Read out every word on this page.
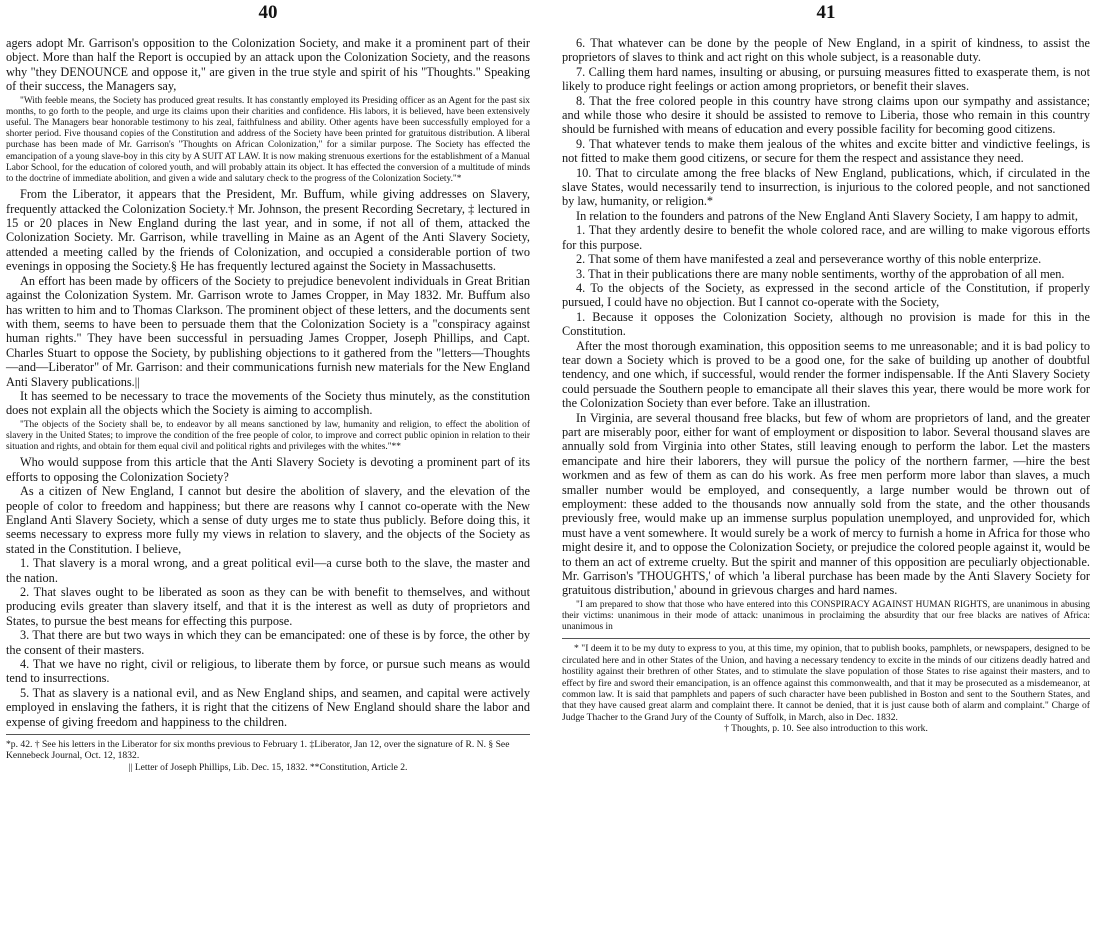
40

agers adopt Mr. Garrison's opposition to the Colonization Society, and make it a prominent part of their object. More than half the Report is occupied by an attack upon the Colonization Society, and the reasons why "they DENOUNCE and oppose it," are given in the true style and spirit of his "Thoughts." Speaking of their success, the Managers say,

"With feeble means, the Society has produced great results. It has constantly employed its Presiding officer as an Agent for the past six months, to go forth to the people, and urge its claims upon their charities and confidence. His labors, it is believed, have been extensively useful. The Managers bear honorable testimony to his zeal, faithfulness and ability. Other agents have been successfully employed for a shorter period. Five thousand copies of the Constitution and address of the Society have been printed for gratuitous distribution. A liberal purchase has been made of Mr. Garrison's "Thoughts on African Colonization," for a similar purpose. The Society has effected the emancipation of a young slave-boy in this city by A SUIT AT LAW. It is now making strenuous exertions for the establishment of a Manual Labor School, for the education of colored youth, and will probably attain its object. It has effected the conversion of a multitude of minds to the doctrine of immediate abolition, and given a wide and salutary check to the progress of the Colonization Society."*

From the Liberator, it appears that the President, Mr. Buffum, while giving addresses on Slavery, frequently attacked the Colonization Society.† Mr. Johnson, the present Recording Secretary, ‡ lectured in 15 or 20 places in New England during the last year, and in some, if not all of them, attacked the Colonization Society. Mr. Garrison, while travelling in Maine as an Agent of the Anti Slavery Society, attended a meeting called by the friends of Colonization, and occupied a considerable portion of two evenings in opposing the Society.§ He has frequently lectured against the Society in Massachusetts.

An effort has been made by officers of the Society to prejudice benevolent individuals in Great Britian against the Colonization System. Mr. Garrison wrote to James Cropper, in May 1832. Mr. Buffum also has written to him and to Thomas Clarkson. The prominent object of these letters, and the documents sent with them, seems to have been to persuade them that the Colonization Society is a "conspiracy against human rights." They have been successful in persuading James Cropper, Joseph Phillips, and Capt. Charles Stuart to oppose the Society, by publishing objections to it gathered from the "letters—Thoughts—and—Liberator" of Mr. Garrison: and their communications furnish new materials for the New England Anti Slavery publications.||

It has seemed to be necessary to trace the movements of the Society thus minutely, as the constitution does not explain all the objects which the Society is aiming to accomplish.

"The objects of the Society shall be, to endeavor by all means sanctioned by law, humanity and religion, to effect the abolition of slavery in the United States; to improve the condition of the free people of color, to improve and correct public opinion in relation to their situation and rights, and obtain for them equal civil and political rights and privileges with the whites."**

Who would suppose from this article that the Anti Slavery Society is devoting a prominent part of its efforts to opposing the Colonization Society?

As a citizen of New England, I cannot but desire the abolition of slavery, and the elevation of the people of color to freedom and happiness; but there are reasons why I cannot co-operate with the New England Anti Slavery Society, which a sense of duty urges me to state thus publicly. Before doing this, it seems necessary to express more fully my views in relation to slavery, and the objects of the Society as stated in the Constitution. I believe,

1. That slavery is a moral wrong, and a great political evil—a curse both to the slave, the master and the nation.

2. That slaves ought to be liberated as soon as they can be with benefit to themselves, and without producing evils greater than slavery itself, and that it is the interest as well as duty of proprietors and States, to pursue the best means for effecting this purpose.

3. That there are but two ways in which they can be emancipated: one of these is by force, the other by the consent of their masters.

4. That we have no right, civil or religious, to liberate them by force, or pursue such means as would tend to insurrections.

5. That as slavery is a national evil, and as New England ships, and seamen, and capital were actively employed in enslaving the fathers, it is right that the citizens of New England should share the labor and expense of giving freedom and happiness to the children.

*p. 42. † See his letters in the Liberator for six months previous to February 1. ‡Liberator, Jan 12, over the signature of R. N. § See Kennebeck Journal, Oct. 12, 1832.

|| Letter of Joseph Phillips, Lib. Dec. 15, 1832. **Constitution, Article 2.

41

6. That whatever can be done by the people of New England, in a spirit of kindness, to assist the proprietors of slaves to think and act right on this whole subject, is a reasonable duty.

7. Calling them hard names, insulting or abusing, or pursuing measures fitted to exasperate them, is not likely to produce right feelings or action among proprietors, or benefit their slaves.

8. That the free colored people in this country have strong claims upon our sympathy and assistance; and while those who desire it should be assisted to remove to Liberia, those who remain in this country should be furnished with means of education and every possible facility for becoming good citizens.

9. That whatever tends to make them jealous of the whites and excite bitter and vindictive feelings, is not fitted to make them good citizens, or secure for them the respect and assistance they need.

10. That to circulate among the free blacks of New England, publications, which, if circulated in the slave States, would necessarily tend to insurrection, is injurious to the colored people, and not sanctioned by law, humanity, or religion.*

In relation to the founders and patrons of the New England Anti Slavery Society, I am happy to admit,

1. That they ardently desire to benefit the whole colored race, and are willing to make vigorous efforts for this purpose.

2. That some of them have manifested a zeal and perseverance worthy of this noble enterprize.

3. That in their publications there are many noble sentiments, worthy of the approbation of all men.

4. To the objects of the Society, as expressed in the second article of the Constitution, if properly pursued, I could have no objection. But I cannot co-operate with the Society,

1. Because it opposes the Colonization Society, although no provision is made for this in the Constitution.

After the most thorough examination, this opposition seems to me unreasonable; and it is bad policy to tear down a Society which is proved to be a good one, for the sake of building up another of doubtful tendency, and one which, if successful, would render the former indispensable. If the Anti Slavery Society could persuade the Southern people to emancipate all their slaves this year, there would be more work for the Colonization Society than ever before. Take an illustration.

In Virginia, are several thousand free blacks, but few of whom are proprietors of land, and the greater part are miserably poor, either for want of employment or disposition to labor. Several thousand slaves are annually sold from Virginia into other States, still leaving enough to perform the labor. Let the masters emancipate and hire their laborers, they will pursue the policy of the northern farmer, —hire the best workmen and as few of them as can do his work. As free men perform more labor than slaves, a much smaller number would be employed, and consequently, a large number would be thrown out of employment: these added to the thousands now annually sold from the state, and the other thousands previously free, would make up an immense surplus population unemployed, and unprovided for, which must have a vent somewhere. It would surely be a work of mercy to furnish a home in Africa for those who might desire it, and to oppose the Colonization Society, or prejudice the colored people against it, would be to them an act of extreme cruelty. But the spirit and manner of this opposition are peculiarly objectionable. Mr. Garrison's 'THOUGHTS,' of which 'a liberal purchase has been made by the Anti Slavery Society for gratuitous distribution,' abound in grievous charges and hard names.

"I am prepared to show that those who have entered into this CONSPIRACY AGAINST HUMAN RIGHTS, are unanimous in abusing their victims: unanimous in their mode of attack: unanimous in proclaiming the absurdity that our free blacks are natives of Africa: unanimous in

* "I deem it to be my duty to express to you, at this time, my opinion, that to publish books, pamphlets, or newspapers, designed to be circulated here and in other States of the Union, and having a necessary tendency to excite in the minds of our citizens deadly hatred and hostility against their brethren of other States, and to stimulate the slave population of those States to rise against their masters, and to effect by fire and sword their emancipation, is an offence against this commonwealth, and that it may be prosecuted as a misdemeanor, at common law. It is said that pamphlets and papers of such character have been published in Boston and sent to the Southern States, and that they have caused great alarm and complaint there. It cannot be denied, that it is just cause both of alarm and complaint." Charge of Judge Thacher to the Grand Jury of the County of Suffolk, in March, also in Dec. 1832.

† Thoughts, p. 10. See also introduction to this work.
